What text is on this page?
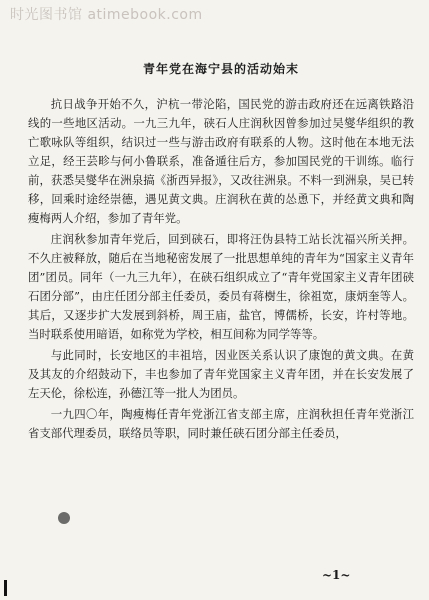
时光图书馆 atimebook.com
青年党在海宁县的活动始末

抗日战争开始不久，沪杭一带沦陷，国民党的游击政府还在远离铁路沿线的一些地区活动。一九三九年，硖石人庄润秋因曾参加过吴燮华组织的教亡歌咏队等组织，结识过一些与游击政府有联系的人物。这时他在本地无法立足，经王芸畛与何小鲁联系，准备遁往后方，参加国民党的干训练。临行前，获悉吴燮华在洲泉搞《浙西异报》，又改往洲泉。不料一到洲泉，吴已转移，回乘时途经崇德，遇见黄文典。庄润秋在黄的怂恿下，并经黄文典和陶瘦梅两人介绍，参加了青年党。

庄润秋参加青年党后，回到硖石，即将汪伪县特工站长沈福兴所关押。不久庄被释放，随后在当地秘密发展了一批思想单纯的青年为“国家主义青年团”团员。同年（一九三九年），在硖石组织成立了“青年党国家主义青年团硖石团分部”，由庄任团分部主任委员，委员有蒋樹生，徐祖宽，康炳奎等人。其后，又逐步扩大发展到斜桥，周王庙，盐官，博儒桥，长安，许村等地。当时联系使用暗语，如称党为学校，相互间称为同学等等。

与此同时，长安地区的丰祖培，因业医关系认识了康饱的黄文典。在黄及其友的介绍鼓动下，丰也参加了青年党国家主义青年团，并在长安发展了左天伦，徐松连，孙德江等一批人为团员。

一九四〇年，陶瘦梅任青年党浙江省支部主席，庄润秋担任青年党浙江省支部代理委员，联络员等职，同时兼任硖石团分部主任委员，

~1~
